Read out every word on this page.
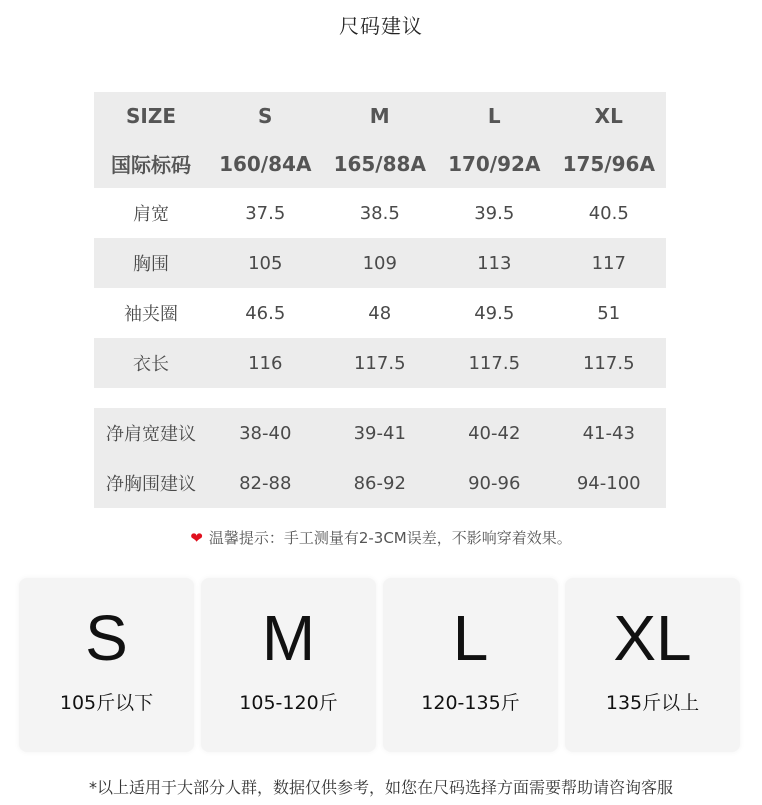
尺码建议
SIZE	S	M	L	XL
国际标码	160/84A	165/88A	170/92A	175/96A
肩宽	37.5	38.5	39.5	40.5
胸围	105	109	113	117
袖夹圈	46.5	48	49.5	51
衣长	116	117.5	117.5	117.5
净肩宽建议	38-40	39-41	40-42	41-43
净胸围建议	82-88	86-92	90-96	94-100
❤ 温馨提示：手工测量有2-3CM误差，不影响穿着效果。
S
105斤以下
M
105-120斤
L
120-135斤
XL
135斤以上
*以上适用于大部分人群，数据仅供参考，如您在尺码选择方面需要帮助请咨询客服
